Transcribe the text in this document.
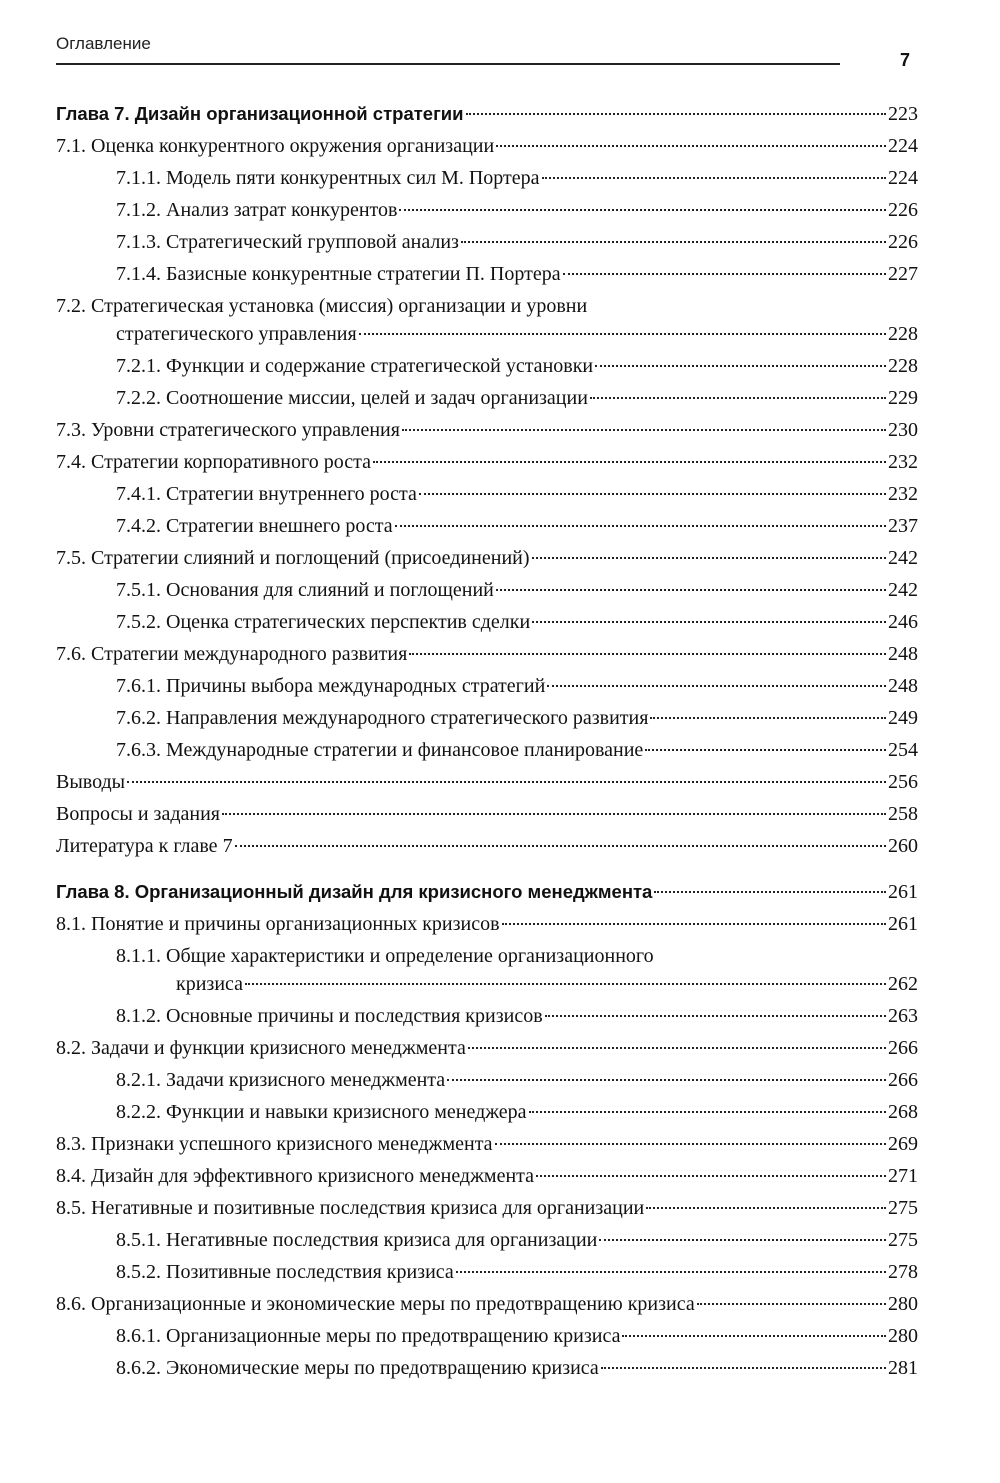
Оглавление
7
Глава 7. Дизайн организационной стратегии	223
7.1. Оценка конкурентного окружения организации	224
7.1.1. Модель пяти конкурентных сил М. Портера	224
7.1.2. Анализ затрат конкурентов	226
7.1.3. Стратегический групповой анализ	226
7.1.4. Базисные конкурентные стратегии П. Портера	227
7.2. Стратегическая установка (миссия) организации и уровни
стратегического управления	228
7.2.1. Функции и содержание стратегической установки	228
7.2.2. Соотношение миссии, целей и задач организации	229
7.3. Уровни стратегического управления	230
7.4. Стратегии корпоративного роста	232
7.4.1. Стратегии внутреннего роста	232
7.4.2. Стратегии внешнего роста	237
7.5. Стратегии слияний и поглощений (присоединений)	242
7.5.1. Основания для слияний и поглощений	242
7.5.2. Оценка стратегических перспектив сделки	246
7.6. Стратегии международного развития	248
7.6.1. Причины выбора международных стратегий	248
7.6.2. Направления международного стратегического развития	249
7.6.3. Международные стратегии и финансовое планирование	254
Выводы	256
Вопросы и задания	258
Литература к главе 7	260
Глава 8. Организационный дизайн для кризисного менеджмента	261
8.1. Понятие и причины организационных кризисов	261
8.1.1. Общие характеристики и определение организационного
кризиса	262
8.1.2. Основные причины и последствия кризисов	263
8.2. Задачи и функции кризисного менеджмента	266
8.2.1. Задачи кризисного менеджмента	266
8.2.2. Функции и навыки кризисного менеджера	268
8.3. Признаки успешного кризисного менеджмента	269
8.4. Дизайн для эффективного кризисного менеджмента	271
8.5. Негативные и позитивные последствия кризиса для организации	275
8.5.1. Негативные последствия кризиса для организации	275
8.5.2. Позитивные последствия кризиса	278
8.6. Организационные и экономические меры по предотвращению кризиса	280
8.6.1. Организационные меры по предотвращению кризиса	280
8.6.2. Экономические меры по предотвращению кризиса	281
